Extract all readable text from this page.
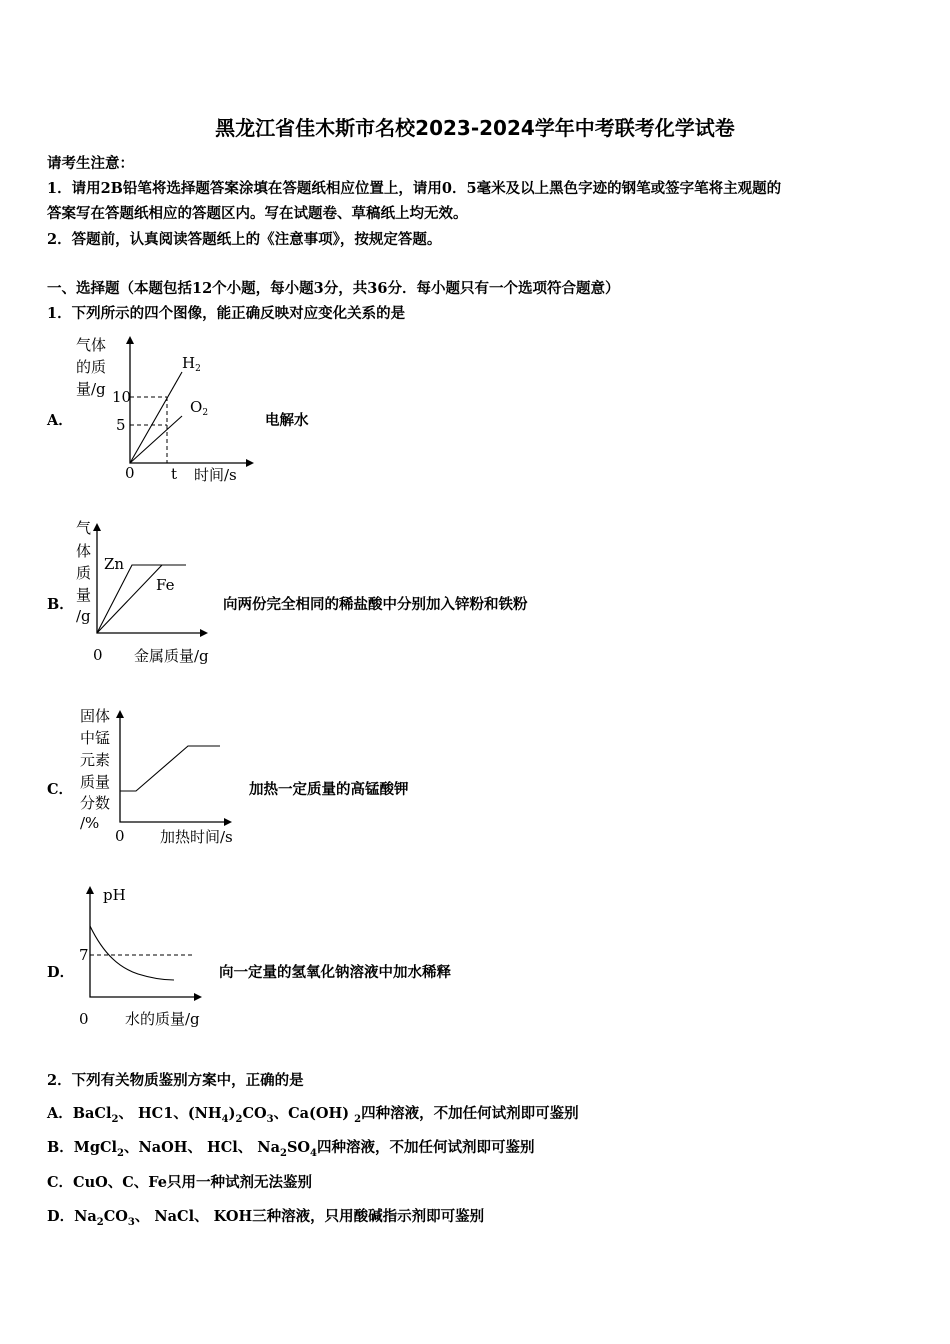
黑龙江省佳木斯市名校2023-2024学年中考联考化学试卷
请考生注意：
1．请用2B铅笔将选择题答案涂填在答题纸相应位置上，请用0．5毫米及以上黑色字迹的钢笔或签字笔将主观题的
答案写在答题纸相应的答题区内。写在试题卷、草稿纸上均无效。
2．答题前，认真阅读答题纸上的《注意事项》，按规定答题。
一、选择题（本题包括12个小题，每小题3分，共36分．每小题只有一个选项符合题意）
1．下列所示的四个图像，能正确反映对应变化关系的是
A．	电解水
气体
的质
量/g 10
5
0 t 时间/s
$H_2$
$O_2$
B．	向两份完全相同的稀盐酸中分别加入锌粉和铁粉
气
体
质
量
/g
Zn
Fe
0 金属质量/g
C．	加热一定质量的高锰酸钾
固体
中锰
元素
质量
分数
/%
0 加热时间/s
D．	向一定量的氢氧化钠溶液中加水稀释
pH
7
0 水的质量/g
2．下列有关物质鉴别方案中，正确的是
A．BaCl$_2$、 HC1、$(NH_4)_2CO_3$、Ca(OH) $_2$四种溶液，不加任何试剂即可鉴别
B．MgCl$_2$、NaOH、 HCl、 $Na_2SO_4$四种溶液，不加任何试剂即可鉴别
C．CuO、C、Fe只用一种试剂无法鉴别
D．$Na_2CO_3$、 NaCl、 KOH三种溶液，只用酸碱指示剂即可鉴别
